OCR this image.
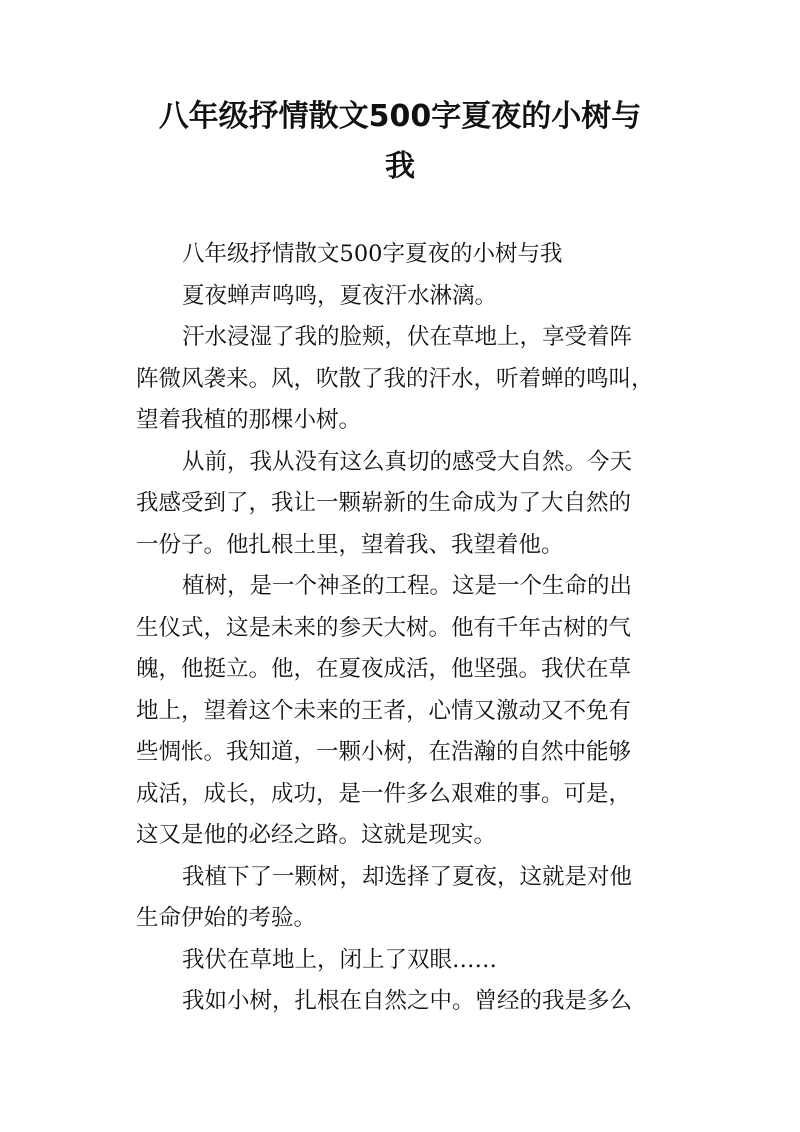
八年级抒情散文500字夏夜的小树与
我
八年级抒情散文500字夏夜的小树与我
夏夜蝉声鸣鸣，夏夜汗水淋漓。
汗水浸湿了我的脸颊，伏在草地上，享受着阵
阵微风袭来。风，吹散了我的汗水，听着蝉的鸣叫，
望着我植的那棵小树。
从前，我从没有这么真切的感受大自然。今天
我感受到了，我让一颗崭新的生命成为了大自然的
一份子。他扎根土里，望着我、我望着他。
植树，是一个神圣的工程。这是一个生命的出
生仪式，这是未来的参天大树。他有千年古树的气
魄，他挺立。他，在夏夜成活，他坚强。我伏在草
地上，望着这个未来的王者，心情又激动又不免有
些惆怅。我知道，一颗小树，在浩瀚的自然中能够
成活，成长，成功，是一件多么艰难的事。可是，
这又是他的必经之路。这就是现实。
我植下了一颗树，却选择了夏夜，这就是对他
生命伊始的考验。
我伏在草地上，闭上了双眼……
我如小树，扎根在自然之中。曾经的我是多么
